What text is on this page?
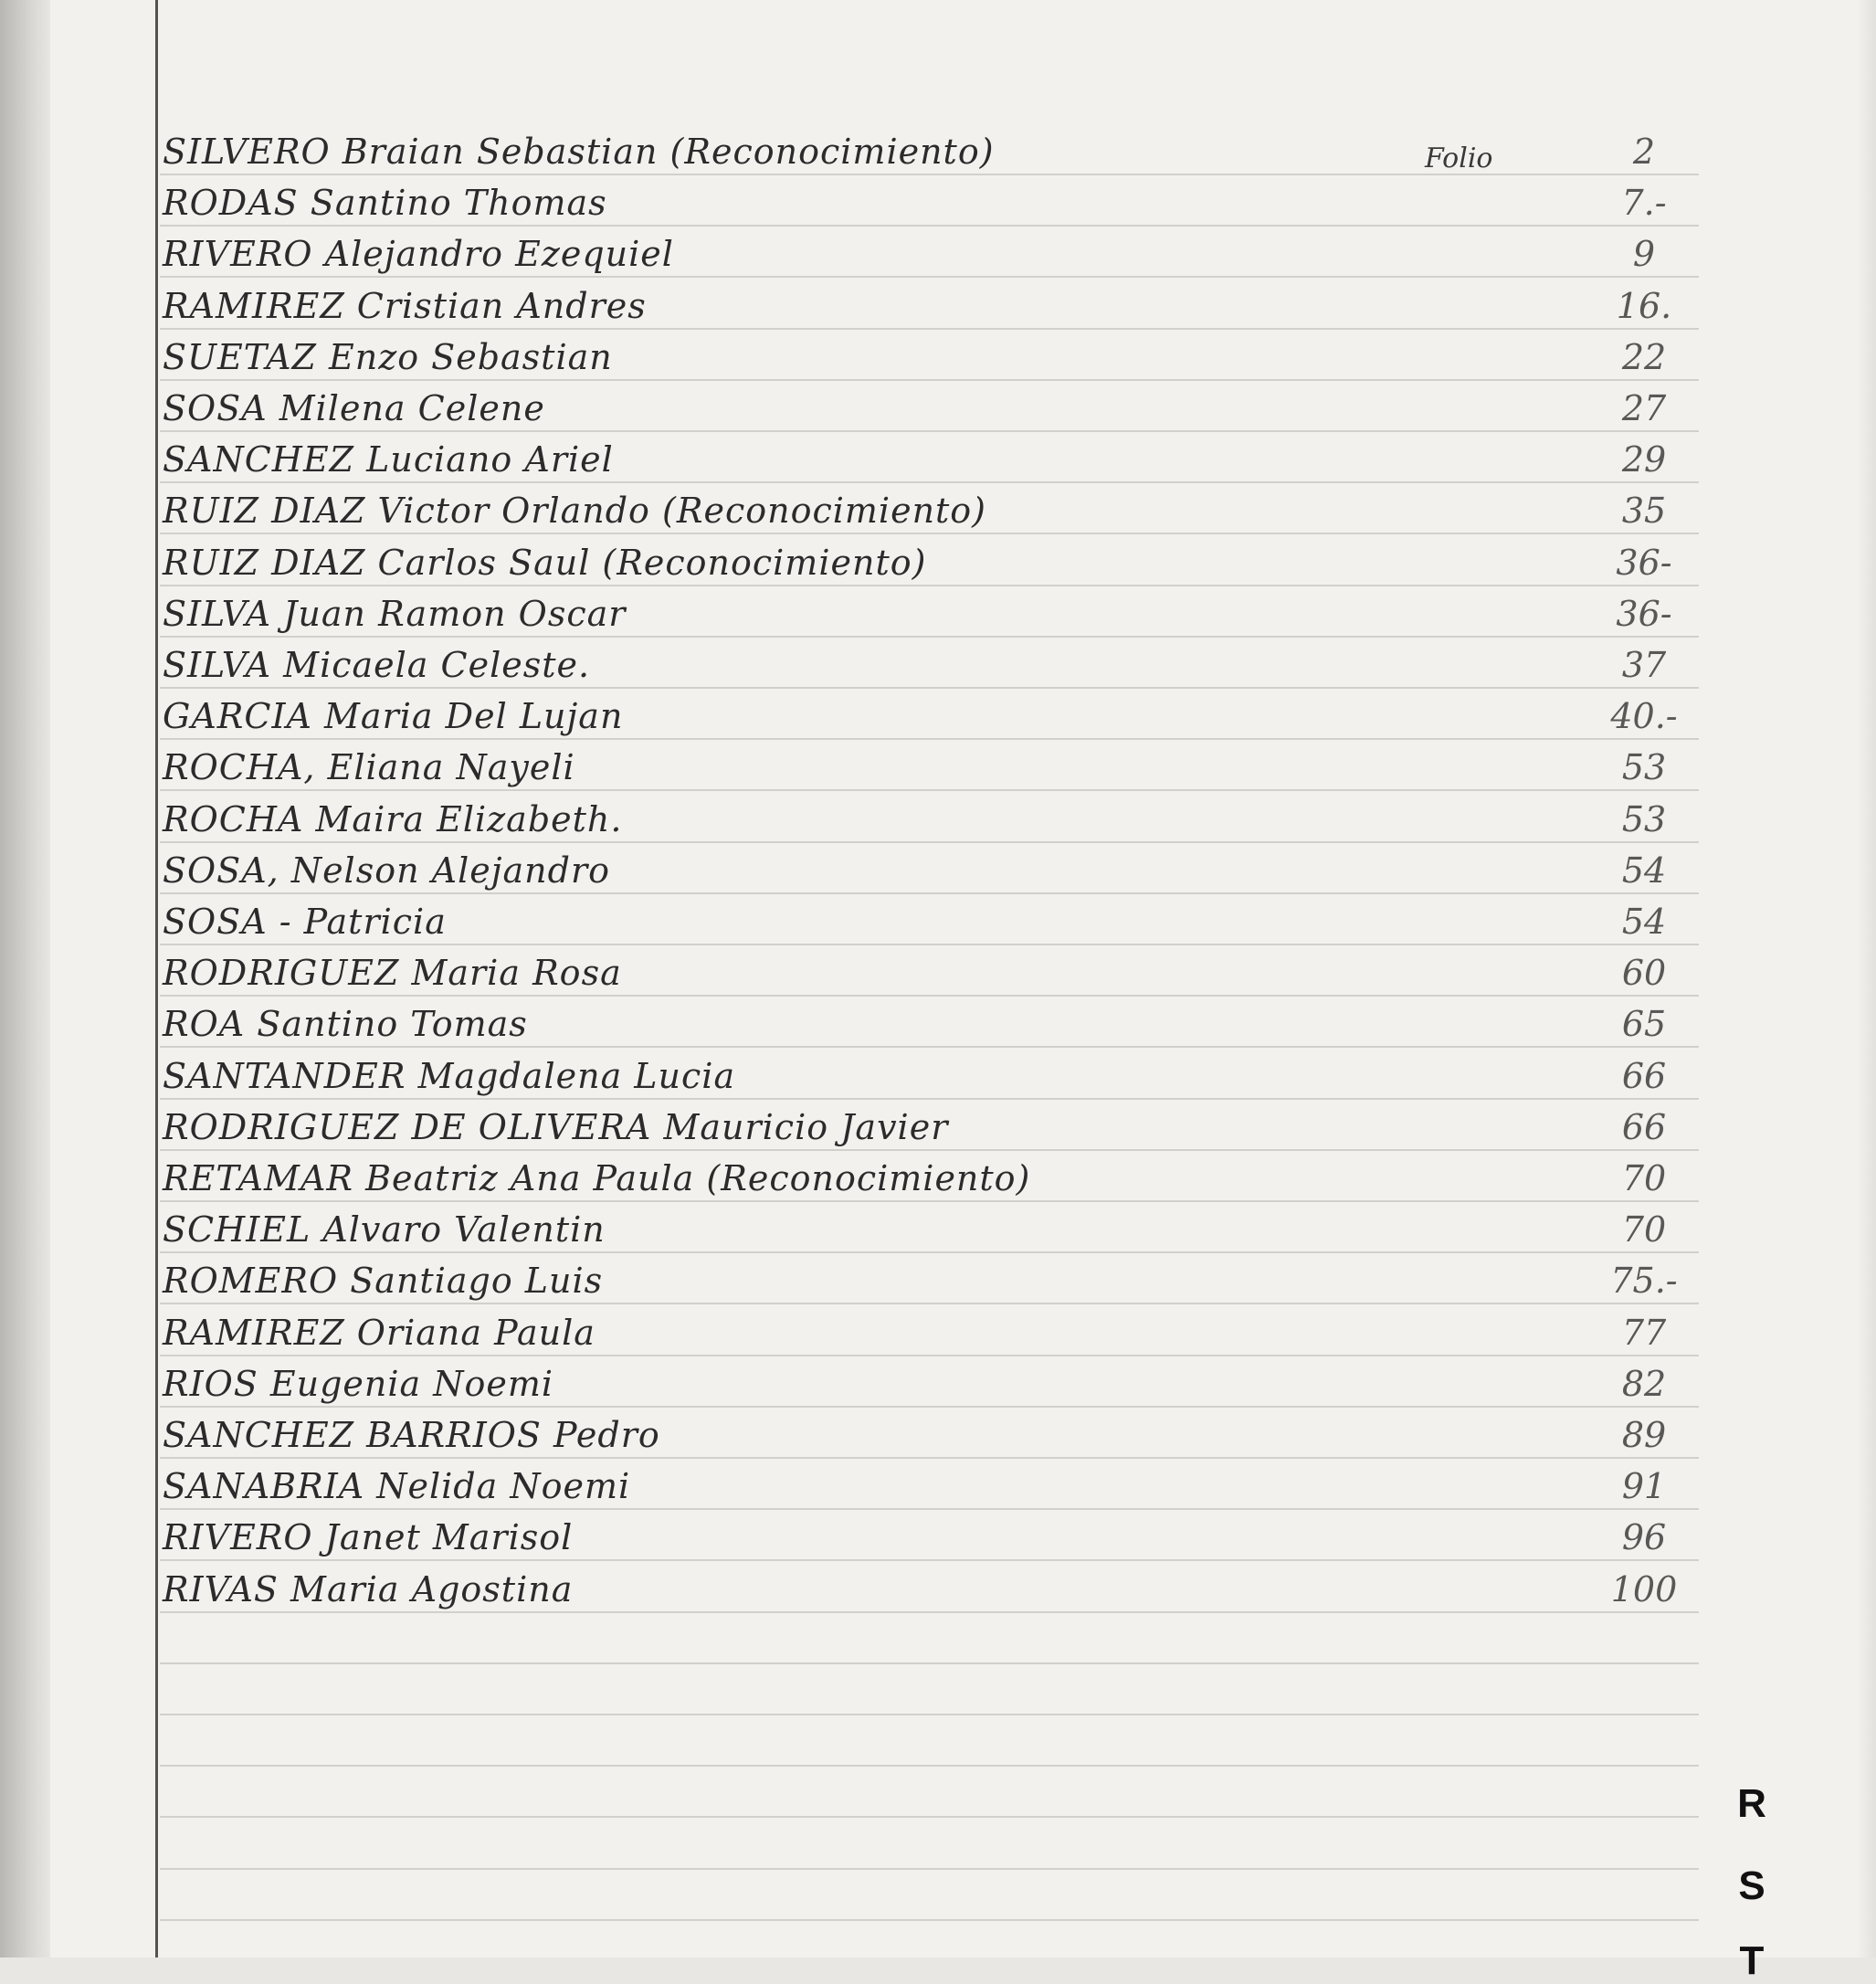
Folio
SILVERO Braian Sebastian (Reconocimiento)	2
RODAS Santino Thomas	7.-
RIVERO Alejandro Ezequiel	9
RAMIREZ Cristian Andres	16.
SUETAZ Enzo Sebastian	22
SOSA Milena Celene	27
SANCHEZ Luciano Ariel	29
RUIZ DIAZ Victor Orlando (Reconocimiento)	35
RUIZ DIAZ Carlos Saul (Reconocimiento)	36-
SILVA Juan Ramon Oscar	36-
SILVA Micaela Celeste.	37
GARCIA Maria Del Lujan	40.-
ROCHA, Eliana Nayeli	53
ROCHA Maira Elizabeth.	53
SOSA, Nelson Alejandro	54
SOSA - Patricia	54
RODRIGUEZ Maria Rosa	60
ROA Santino Tomas	65
SANTANDER Magdalena Lucia	66
RODRIGUEZ DE OLIVERA Mauricio Javier	66
RETAMAR Beatriz Ana Paula (Reconocimiento)	70
SCHIEL Alvaro Valentin	70
ROMERO Santiago Luis	75.-
RAMIREZ Oriana Paula	77
RIOS Eugenia Noemi	82
SANCHEZ BARRIOS Pedro	89
SANABRIA Nelida Noemi	91
RIVERO Janet Marisol	96
RIVAS Maria Agostina	100
R
S
T
